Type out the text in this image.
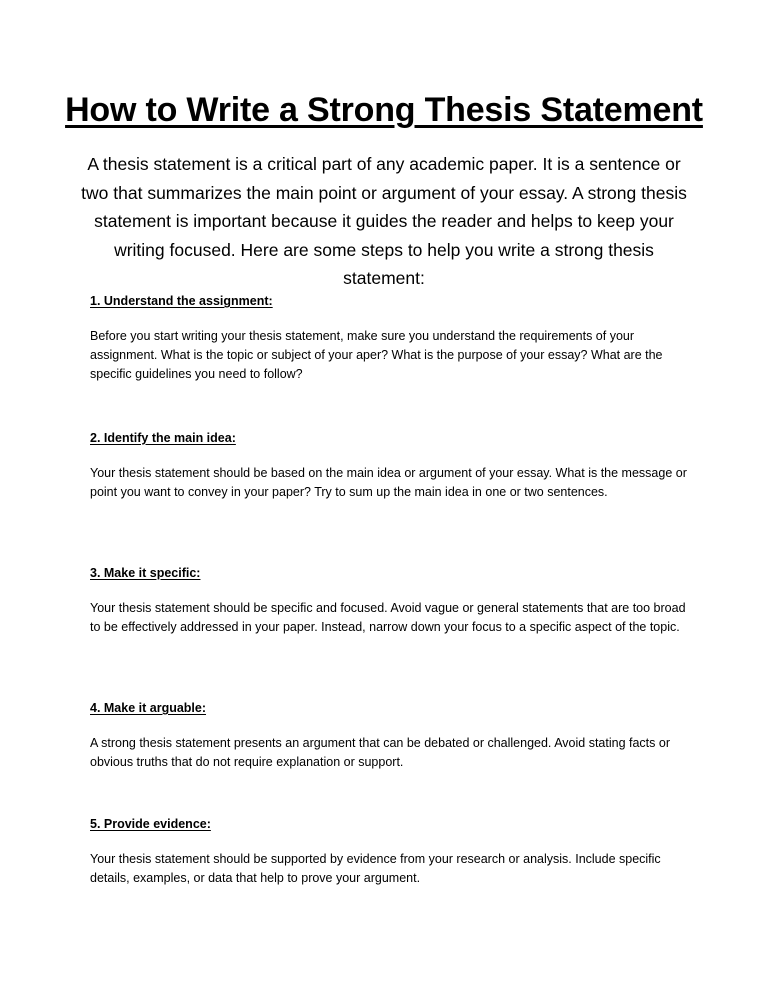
How to Write a Strong Thesis Statement

A thesis statement is a critical part of any academic paper. It is a sentence or two that summarizes the main point or argument of your essay. A strong thesis statement is important because it guides the reader and helps to keep your writing focused. Here are some steps to help you write a strong thesis statement:

1. Understand the assignment:

Before you start writing your thesis statement, make sure you understand the requirements of your assignment. What is the topic or subject of your aper? What is the purpose of your essay? What are the specific guidelines you need to follow?

2. Identify the main idea:

Your thesis statement should be based on the main idea or argument of your essay. What is the message or point you want to convey in your paper? Try to sum up the main idea in one or two sentences.

3. Make it specific:

Your thesis statement should be specific and focused. Avoid vague or general statements that are too broad to be effectively addressed in your paper. Instead, narrow down your focus to a specific aspect of the topic.

4. Make it arguable:

A strong thesis statement presents an argument that can be debated or challenged. Avoid stating facts or obvious truths that do not require explanation or support.

5. Provide evidence:

Your thesis statement should be supported by evidence from your research or analysis. Include specific details, examples, or data that help to prove your argument.
